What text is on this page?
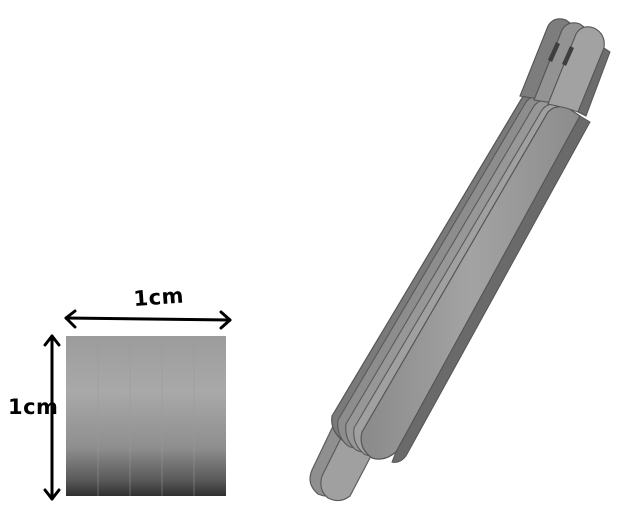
1cm
1cm
